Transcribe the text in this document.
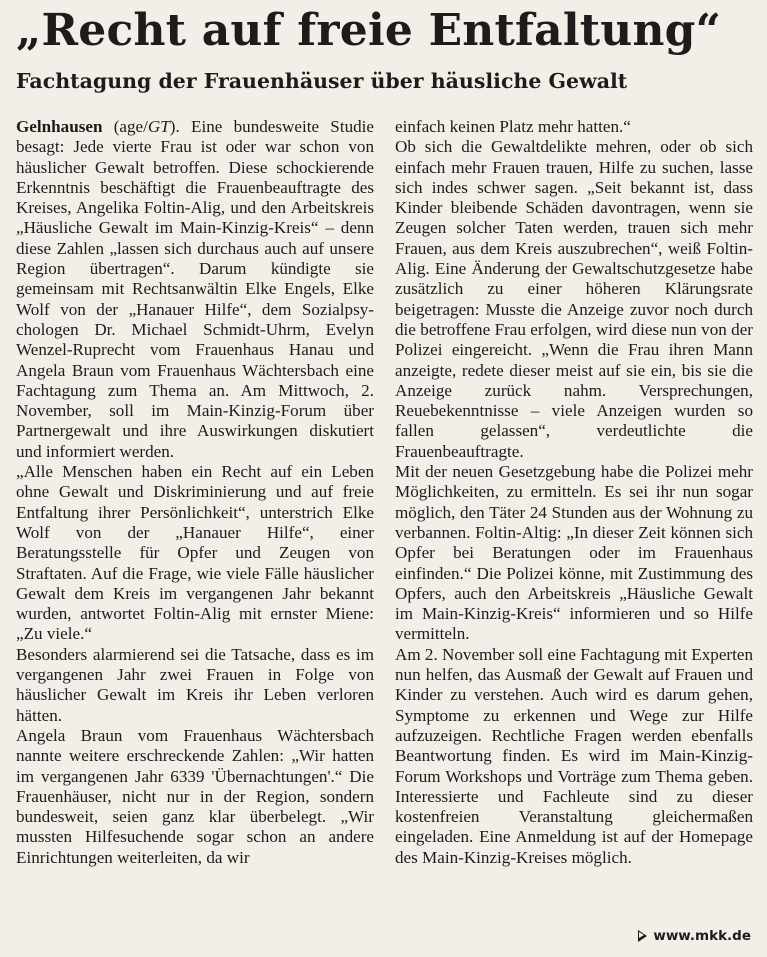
„Recht auf freie Entfaltung“
Fachtagung der Frauenhäuser über häusliche Gewalt

Gelnhausen (age/GT). Eine bundesweite Studie besagt: Jede vierte Frau ist oder war schon von häuslicher Gewalt betroffen. Diese schockierende Erkenntnis beschäftigt die Frauenbeauftragte des Kreises, Angelika Foltin-Alig, und den Arbeitskreis „Häusliche Gewalt im Main-Kinzig-Kreis“ – denn diese Zahlen „lassen sich durchaus auch auf unsere Region übertragen“. Darum kündigte sie gemeinsam mit Rechtsanwältin Elke Engels, Elke Wolf von der „Hanauer Hilfe“, dem Sozialpsychologen Dr. Michael Schmidt-Uhrm, Evelyn Wenzel-Ruprecht vom Frauenhaus Hanau und Angela Braun vom Frauenhaus Wächtersbach eine Fachtagung zum Thema an. Am Mittwoch, 2. November, soll im Main-Kinzig-Forum über Partnergewalt und ihre Auswirkungen diskutiert und informiert werden.

„Alle Menschen haben ein Recht auf ein Leben ohne Gewalt und Diskriminierung und auf freie Entfaltung ihrer Persönlichkeit“, unterstrich Elke Wolf von der „Hanauer Hilfe“, einer Beratungsstelle für Opfer und Zeugen von Straftaten. Auf die Frage, wie viele Fälle häuslicher Gewalt dem Kreis im vergangenen Jahr bekannt wurden, antwortet Foltin-Alig mit ernster Miene: „Zu viele.“

Besonders alarmierend sei die Tatsache, dass es im vergangenen Jahr zwei Frauen in Folge von häuslicher Gewalt im Kreis ihr Leben verloren hätten.

Angela Braun vom Frauenhaus Wächtersbach nannte weitere erschreckende Zahlen: „Wir hatten im vergangenen Jahr 6339 'Übernachtungen'.“ Die Frauenhäuser, nicht nur in der Region, sondern bundesweit, seien ganz klar überbelegt. „Wir mussten Hilfesuchende sogar schon an andere Einrichtungen weiterleiten, da wir

einfach keinen Platz mehr hatten.“

Ob sich die Gewaltdelikte mehren, oder ob sich einfach mehr Frauen trauen, Hilfe zu suchen, lasse sich indes schwer sagen. „Seit bekannt ist, dass Kinder bleibende Schäden davontragen, wenn sie Zeugen solcher Taten werden, trauen sich mehr Frauen, aus dem Kreis auszubrechen“, weiß Foltin-Alig. Eine Änderung der Gewaltschutzgesetze habe zusätzlich zu einer höheren Klärungsrate beigetragen: Musste die Anzeige zuvor noch durch die betroffene Frau erfolgen, wird diese nun von der Polizei eingereicht. „Wenn die Frau ihren Mann anzeigte, redete dieser meist auf sie ein, bis sie die Anzeige zurück nahm. Versprechungen, Reuebekenntnisse – viele Anzeigen wurden so fallen gelassen“, verdeutlichte die Frauenbeauftragte.

Mit der neuen Gesetzgebung habe die Polizei mehr Möglichkeiten, zu ermitteln. Es sei ihr nun sogar möglich, den Täter 24 Stunden aus der Wohnung zu verbannen. Foltin-Altig: „In dieser Zeit können sich Opfer bei Beratungen oder im Frauenhaus einfinden.“ Die Polizei könne, mit Zustimmung des Opfers, auch den Arbeitskreis „Häusliche Gewalt im Main-Kinzig-Kreis“ informieren und so Hilfe vermitteln.

Am 2. November soll eine Fachtagung mit Experten nun helfen, das Ausmaß der Gewalt auf Frauen und Kinder zu verstehen. Auch wird es darum gehen, Symptome zu erkennen und Wege zur Hilfe aufzuzeigen. Rechtliche Fragen werden ebenfalls Beantwortung finden. Es wird im Main-Kinzig-Forum Workshops und Vorträge zum Thema geben. Interessierte und Fachleute sind zu dieser kostenfreien Veranstaltung gleichermaßen eingeladen. Eine Anmeldung ist auf der Homepage des Main-Kinzig-Kreises möglich.

www.mkk.de
